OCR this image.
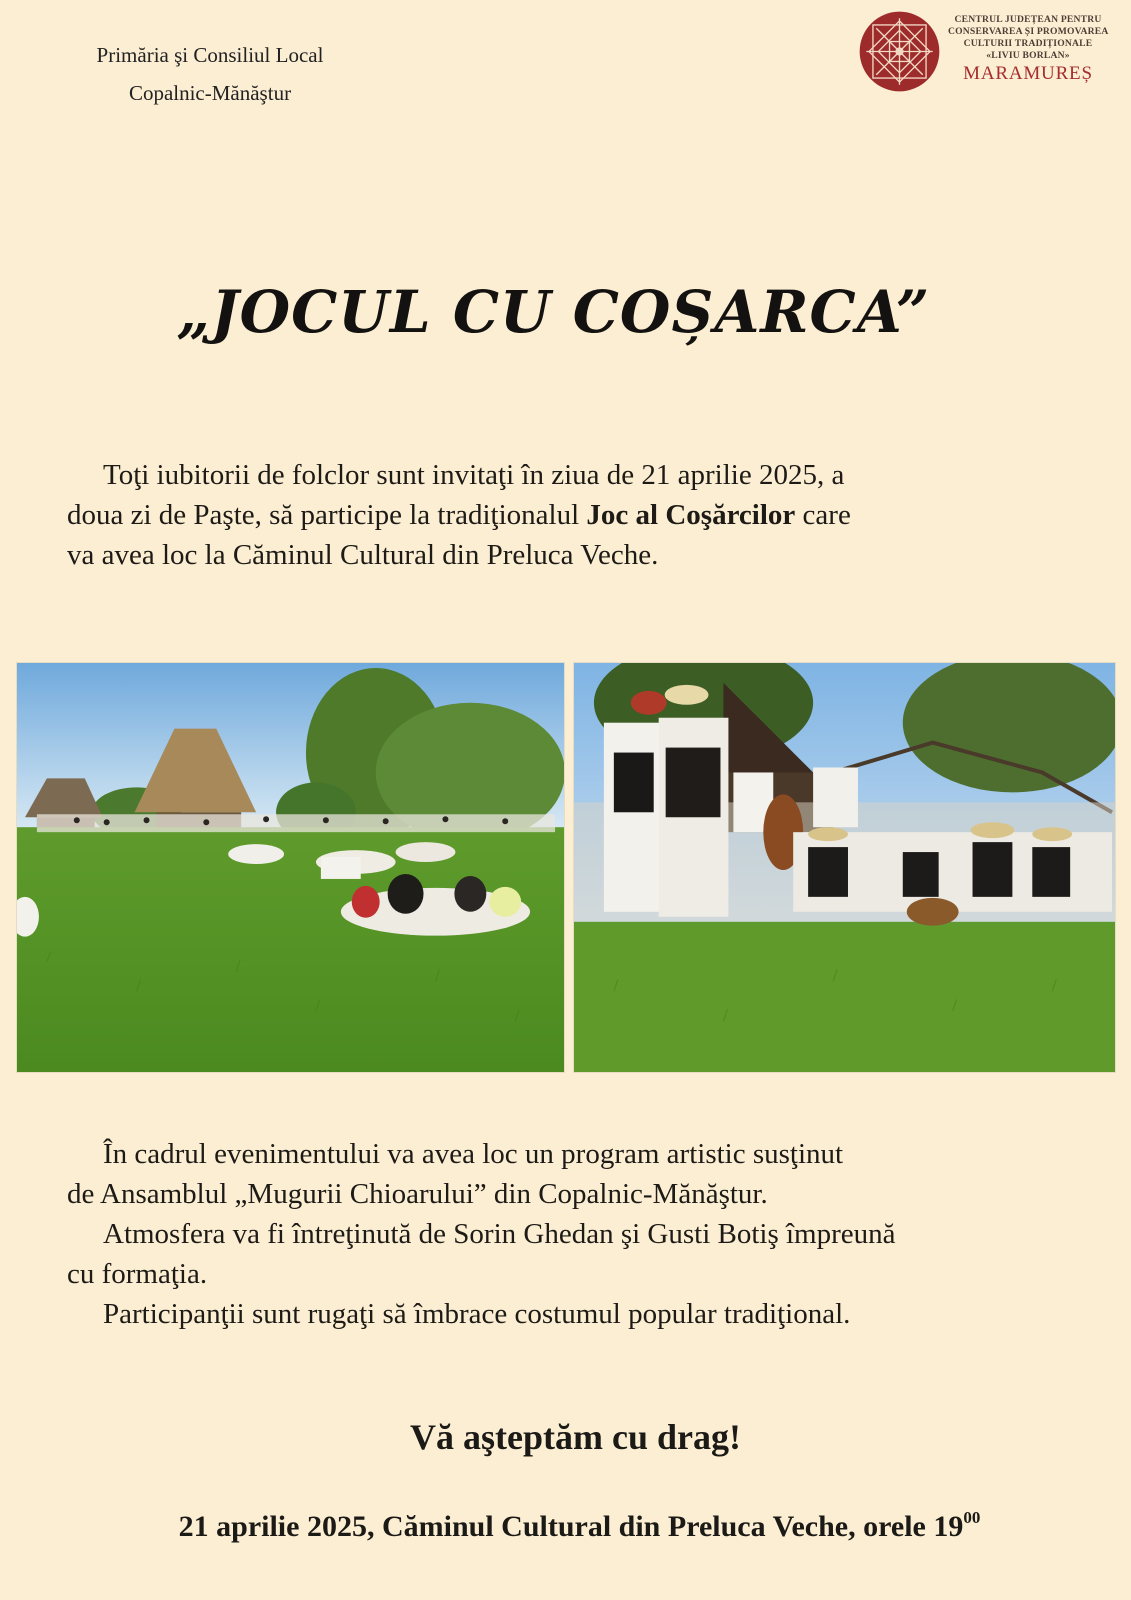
Primăria şi Consiliul Local
Copalnic-Mănăştur
CENTRUL JUDEȚEAN PENTRU
CONSERVAREA ȘI PROMOVAREA
CULTURII TRADIȚIONALE
«LIVIU BORLAN»
MARAMUREȘ
„JOCUL CU COȘARCA”
Toţi iubitorii de folclor sunt invitaţi în ziua de 21 aprilie 2025, a
doua zi de Paşte, să participe la tradiţionalul Joc al Coşărcilor care
va avea loc la Căminul Cultural din Preluca Veche.
În cadrul evenimentului va avea loc un program artistic susţinut
de Ansamblul „Mugurii Chioarului” din Copalnic-Mănăştur.
Atmosfera va fi întreţinută de Sorin Ghedan şi Gusti Botiş împreună
cu formaţia.
Participanţii sunt rugaţi să îmbrace costumul popular tradiţional.
Vă aşteptăm cu drag!
21 aprilie 2025, Căminul Cultural din Preluca Veche, orele $19^{00}$
